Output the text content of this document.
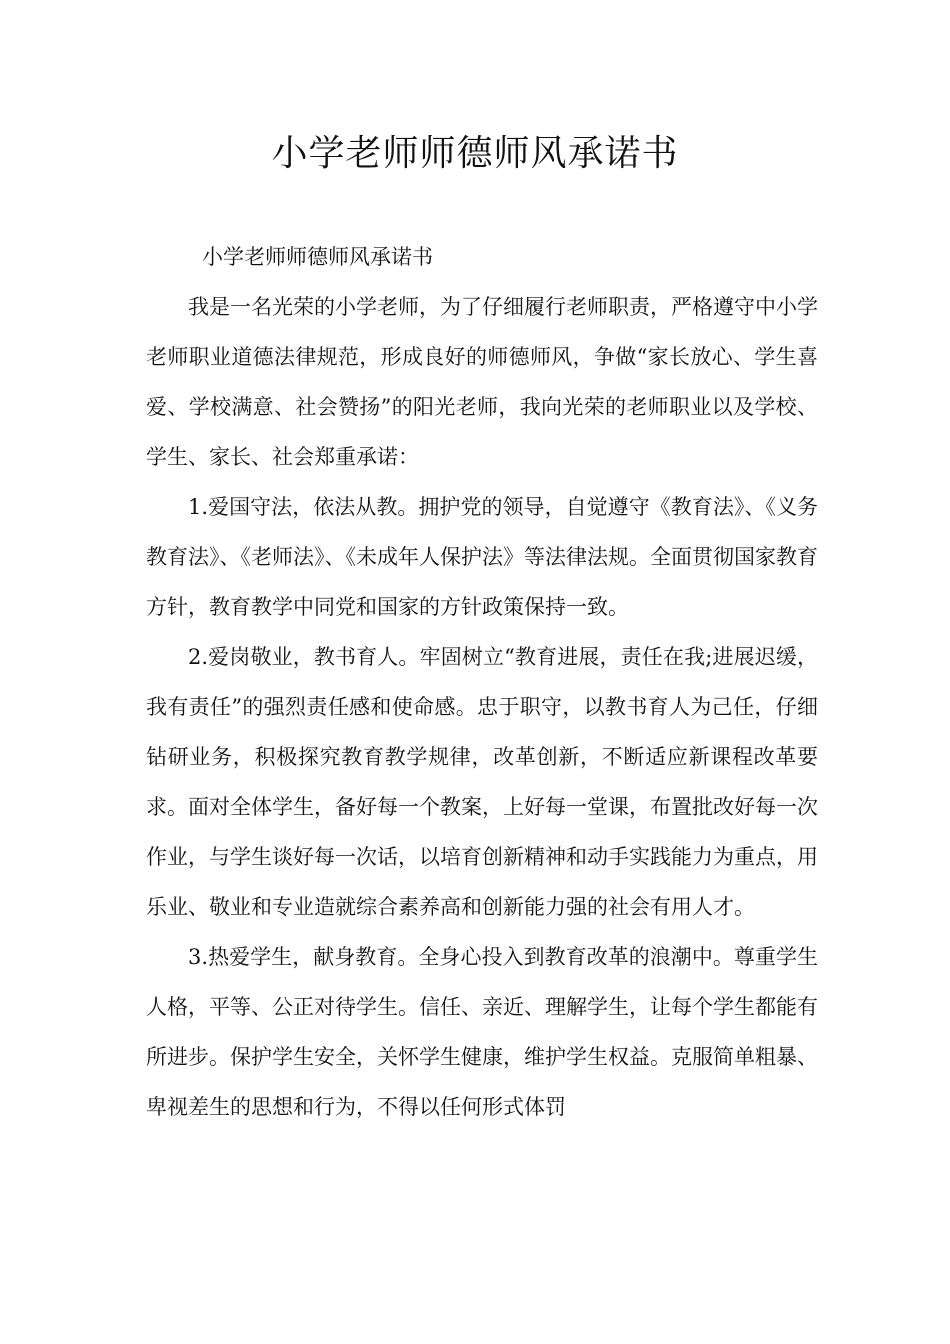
小学老师师德师风承诺书

小学老师师德师风承诺书

我是一名光荣的小学老师，为了仔细履行老师职责，严格遵守中小学老师职业道德法律规范，形成良好的师德师风，争做“家长放心、学生喜爱、学校满意、社会赞扬”的阳光老师，我向光荣的老师职业以及学校、学生、家长、社会郑重承诺：

1.爱国守法，依法从教。拥护党的领导，自觉遵守《教育法》、《义务教育法》、《老师法》、《未成年人保护法》等法律法规。全面贯彻国家教育方针，教育教学中同党和国家的方针政策保持一致。

2.爱岗敬业，教书育人。牢固树立“教育进展，责任在我;进展迟缓，我有责任”的强烈责任感和使命感。忠于职守，以教书育人为己任，仔细钻研业务，积极探究教育教学规律，改革创新，不断适应新课程改革要求。面对全体学生，备好每一个教案，上好每一堂课，布置批改好每一次作业，与学生谈好每一次话，以培育创新精神和动手实践能力为重点，用乐业、敬业和专业造就综合素养高和创新能力强的社会有用人才。

3.热爱学生，献身教育。全身心投入到教育改革的浪潮中。尊重学生人格，平等、公正对待学生。信任、亲近、理解学生，让每个学生都能有所进步。保护学生安全，关怀学生健康，维护学生权益。克服简单粗暴、卑视差生的思想和行为，不得以任何形式体罚
